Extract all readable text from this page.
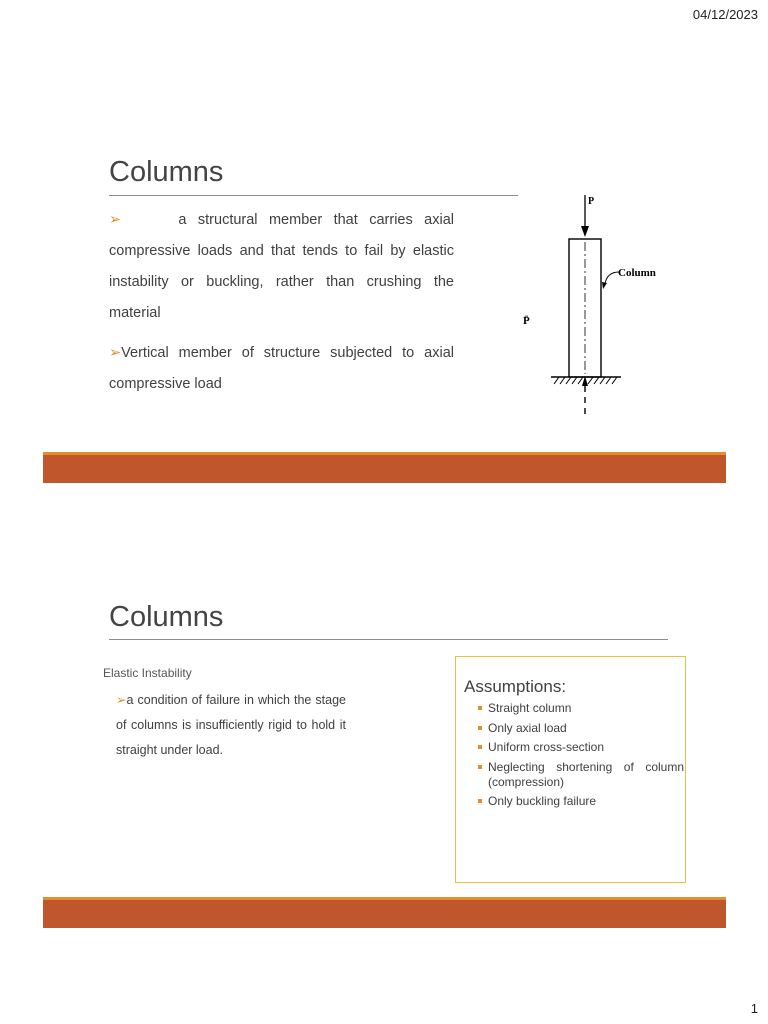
04/12/2023
1
Columns
➢	a structural member that carries axial compressive loads and that tends to fail by elastic instability or buckling, rather than crushing the material
➢Vertical member of structure subjected to axial compressive load
P
Column
P̄
Columns
Elastic Instability
➢a condition of failure in which the stage of columns is insufficiently rigid to hold it straight under load.
Assumptions:
Straight column
Only axial load
Uniform cross-section
Neglecting shortening of column (compression)
Only buckling failure
